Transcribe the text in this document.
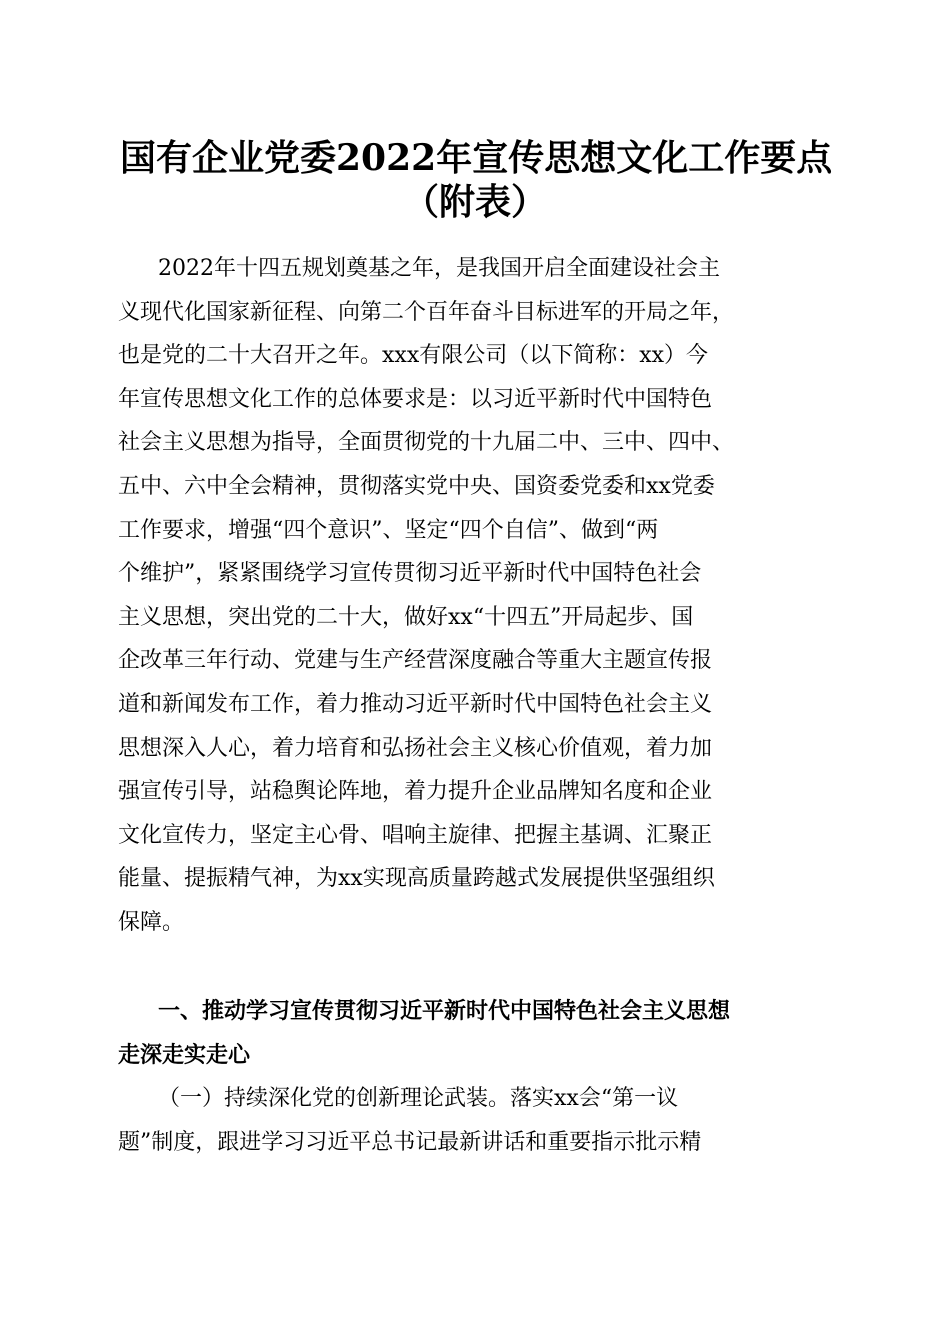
国有企业党委2022年宣传思想文化工作要点
（附表）
2022年十四五规划奠基之年，是我国开启全面建设社会主
义现代化国家新征程、向第二个百年奋斗目标进军的开局之年，
也是党的二十大召开之年。xxx有限公司（以下简称：xx）今
年宣传思想文化工作的总体要求是：以习近平新时代中国特色
社会主义思想为指导，全面贯彻党的十九届二中、三中、四中、
五中、六中全会精神，贯彻落实党中央、国资委党委和xx党委
工作要求，增强“四个意识”、坚定“四个自信”、做到“两
个维护”，紧紧围绕学习宣传贯彻习近平新时代中国特色社会
主义思想，突出党的二十大，做好xx“十四五”开局起步、国
企改革三年行动、党建与生产经营深度融合等重大主题宣传报
道和新闻发布工作，着力推动习近平新时代中国特色社会主义
思想深入人心，着力培育和弘扬社会主义核心价值观，着力加
强宣传引导，站稳舆论阵地，着力提升企业品牌知名度和企业
文化宣传力，坚定主心骨、唱响主旋律、把握主基调、汇聚正
能量、提振精气神，为xx实现高质量跨越式发展提供坚强组织
保障。
一、推动学习宣传贯彻习近平新时代中国特色社会主义思想
走深走实走心
（一）持续深化党的创新理论武装。落实xx会“第一议
题”制度，跟进学习习近平总书记最新讲话和重要指示批示精
